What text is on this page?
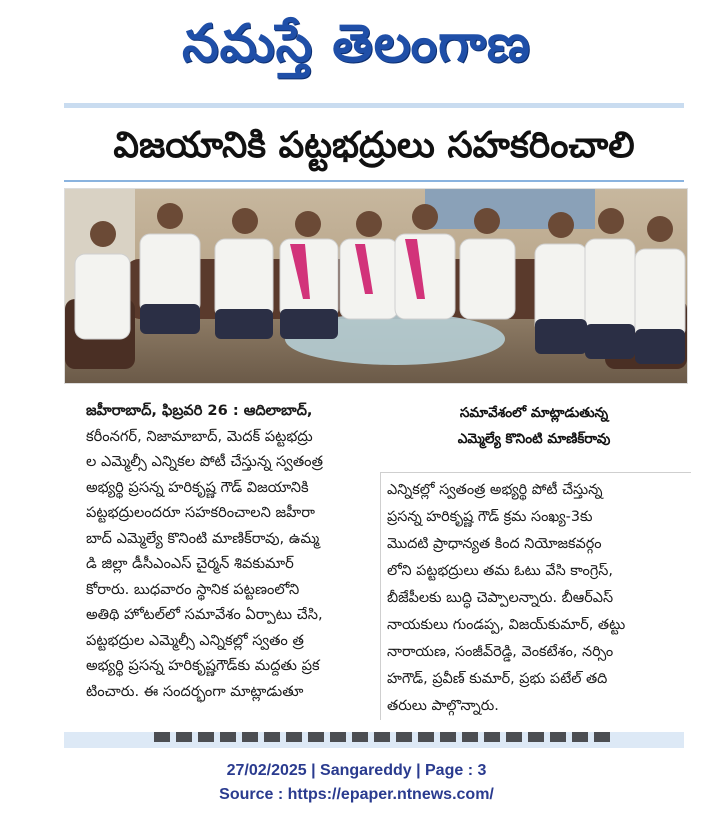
నమస్తే తెలంగాణ
విజయానికి పట్టభద్రులు సహకరించాలి

జహీరాబాద్, ఫిబ్రవరి 26 : ఆదిలాబాద్,

కరీంనగర్, నిజామాబాద్, మెదక్ పట్టభద్రు

ల ఎమ్మెల్సీ ఎన్నికల పోటీ చేస్తున్న స్వతంత్ర

అభ్యర్థి ప్రసన్న హరికృష్ణ గౌడ్ విజయానికి

పట్టభద్రులందరూ సహకరించాలని జహీరా

బాద్ ఎమ్మెల్యే కొనింటి మాణిక్‌రావు, ఉమ్మ

డి జిల్లా డీసీఎంఎస్ చైర్మన్ శివకుమార్

కోరారు. బుధవారం స్థానిక పట్టణంలోని

అతిథి హోటల్‌లో సమావేశం ఏర్పాటు చేసి,

పట్టభద్రుల ఎమ్మెల్సీ ఎన్నికల్లో స్వతం త్ర

అభ్యర్థి ప్రసన్న హరికృష్ణగౌడ్‌కు మద్దతు ప్రక

టించారు. ఈ సందర్భంగా మాట్లాడుతూ

సమావేశంలో మాట్లాడుతున్న
ఎమ్మెల్యే కొనింటి మాణిక్‌రావు

ఎన్నికల్లో స్వతంత్ర అభ్యర్థి పోటీ చేస్తున్న

ప్రసన్న హరికృష్ణ గౌడ్ క్రమ సంఖ్య-3కు

మొదటి ప్రాధాన్యత కింద నియోజకవర్గం

లోని పట్టభద్రులు తమ ఓటు వేసి కాంగ్రెస్,

బీజేపీలకు బుద్ధి చెప్పాలన్నారు. బీఆర్ఎస్

నాయకులు గుండప్ప, విజయ్‌కుమార్, తట్టు

నారాయణ, సంజీవ్‌రెడ్డి, వెంకటేశం, నర్సిం

హగౌడ్, ప్రవీణ్ కుమార్, ప్రభు పటేల్ తది

తరులు పాల్గొన్నారు.

27/02/2025 | Sangareddy | Page : 3
Source : https://epaper.ntnews.com/
